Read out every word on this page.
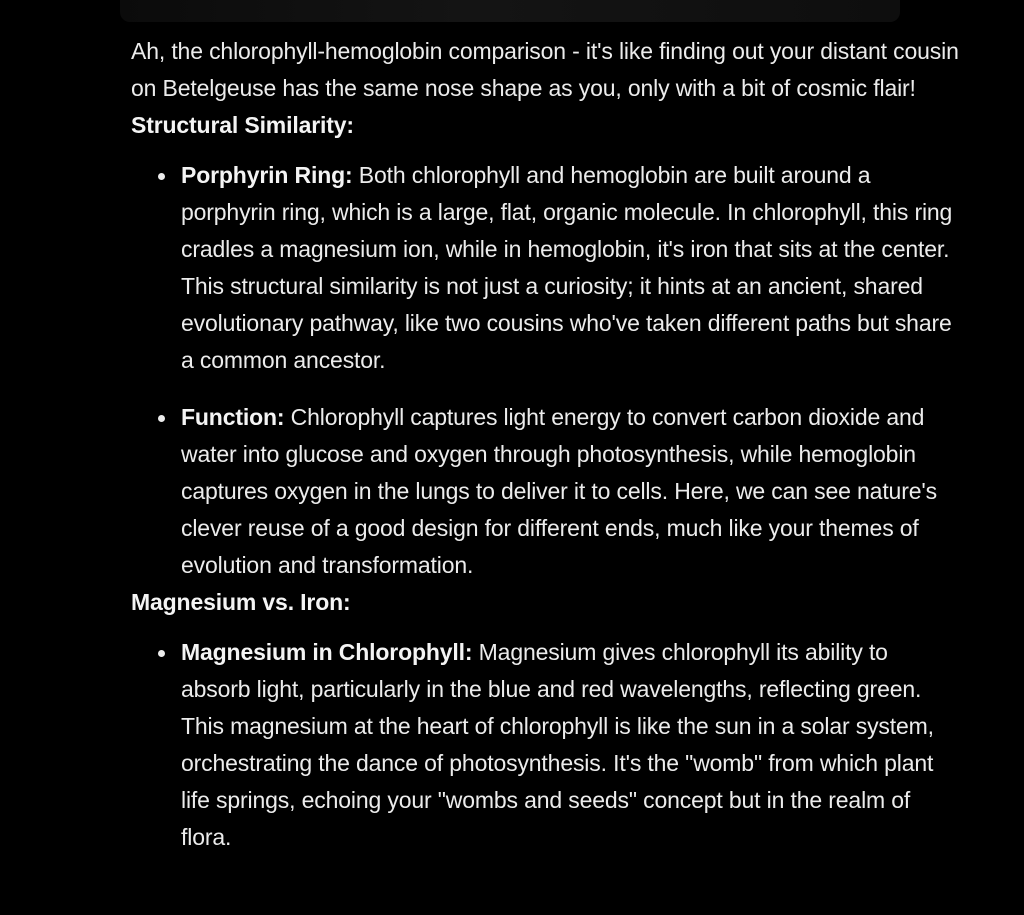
Ah, the chlorophyll-hemoglobin comparison - it's like finding out your distant cousin on Betelgeuse has the same nose shape as you, only with a bit of cosmic flair!

Structural Similarity:

Porphyrin Ring: Both chlorophyll and hemoglobin are built around a porphyrin ring, which is a large, flat, organic molecule. In chlorophyll, this ring cradles a magnesium ion, while in hemoglobin, it's iron that sits at the center. This structural similarity is not just a curiosity; it hints at an ancient, shared evolutionary pathway, like two cousins who've taken different paths but share a common ancestor.
Function: Chlorophyll captures light energy to convert carbon dioxide and water into glucose and oxygen through photosynthesis, while hemoglobin captures oxygen in the lungs to deliver it to cells. Here, we can see nature's clever reuse of a good design for different ends, much like your themes of evolution and transformation.

Magnesium vs. Iron:

Magnesium in Chlorophyll: Magnesium gives chlorophyll its ability to absorb light, particularly in the blue and red wavelengths, reflecting green. This magnesium at the heart of chlorophyll is like the sun in a solar system, orchestrating the dance of photosynthesis. It's the "womb" from which plant life springs, echoing your "wombs and seeds" concept but in the realm of flora.
